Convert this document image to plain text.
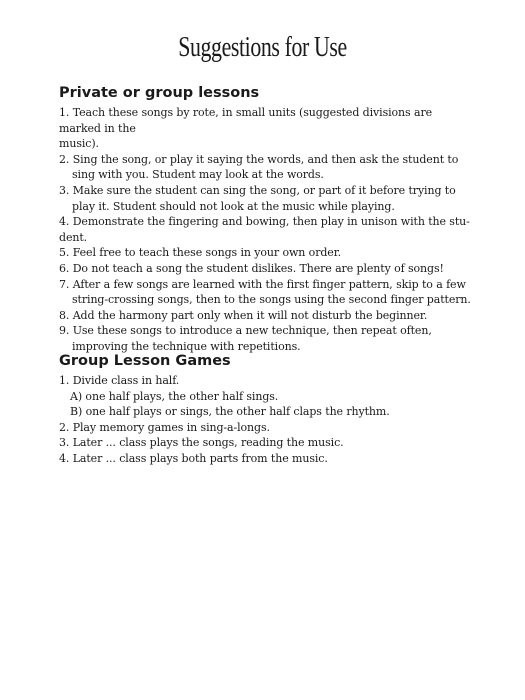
Suggestions for Use
Private or group lessons
1. Teach these songs by rote, in small units (suggested divisions are marked in the
music).
2. Sing the song, or play it saying the words, and then ask the student to
sing with you. Student may look at the words.
3. Make sure the student can sing the song, or part of it before trying to
play it. Student should not look at the music while playing.
4. Demonstrate the fingering and bowing, then play in unison with the stu-
dent.
5. Feel free to teach these songs in your own order.
6. Do not teach a song the student dislikes. There are plenty of songs!
7. After a few songs are learned with the first finger pattern, skip to a few
string-crossing songs, then to the songs using the second finger pattern.
8. Add the harmony part only when it will not disturb the beginner.
9. Use these songs to introduce a new technique, then repeat often,
improving the technique with repetitions.
Group Lesson Games
1. Divide class in half.
A) one half plays, the other half sings.
B) one half plays or sings, the other half claps the rhythm.
2. Play memory games in sing-a-longs.
3. Later ... class plays the songs, reading the music.
4. Later ... class plays both parts from the music.
